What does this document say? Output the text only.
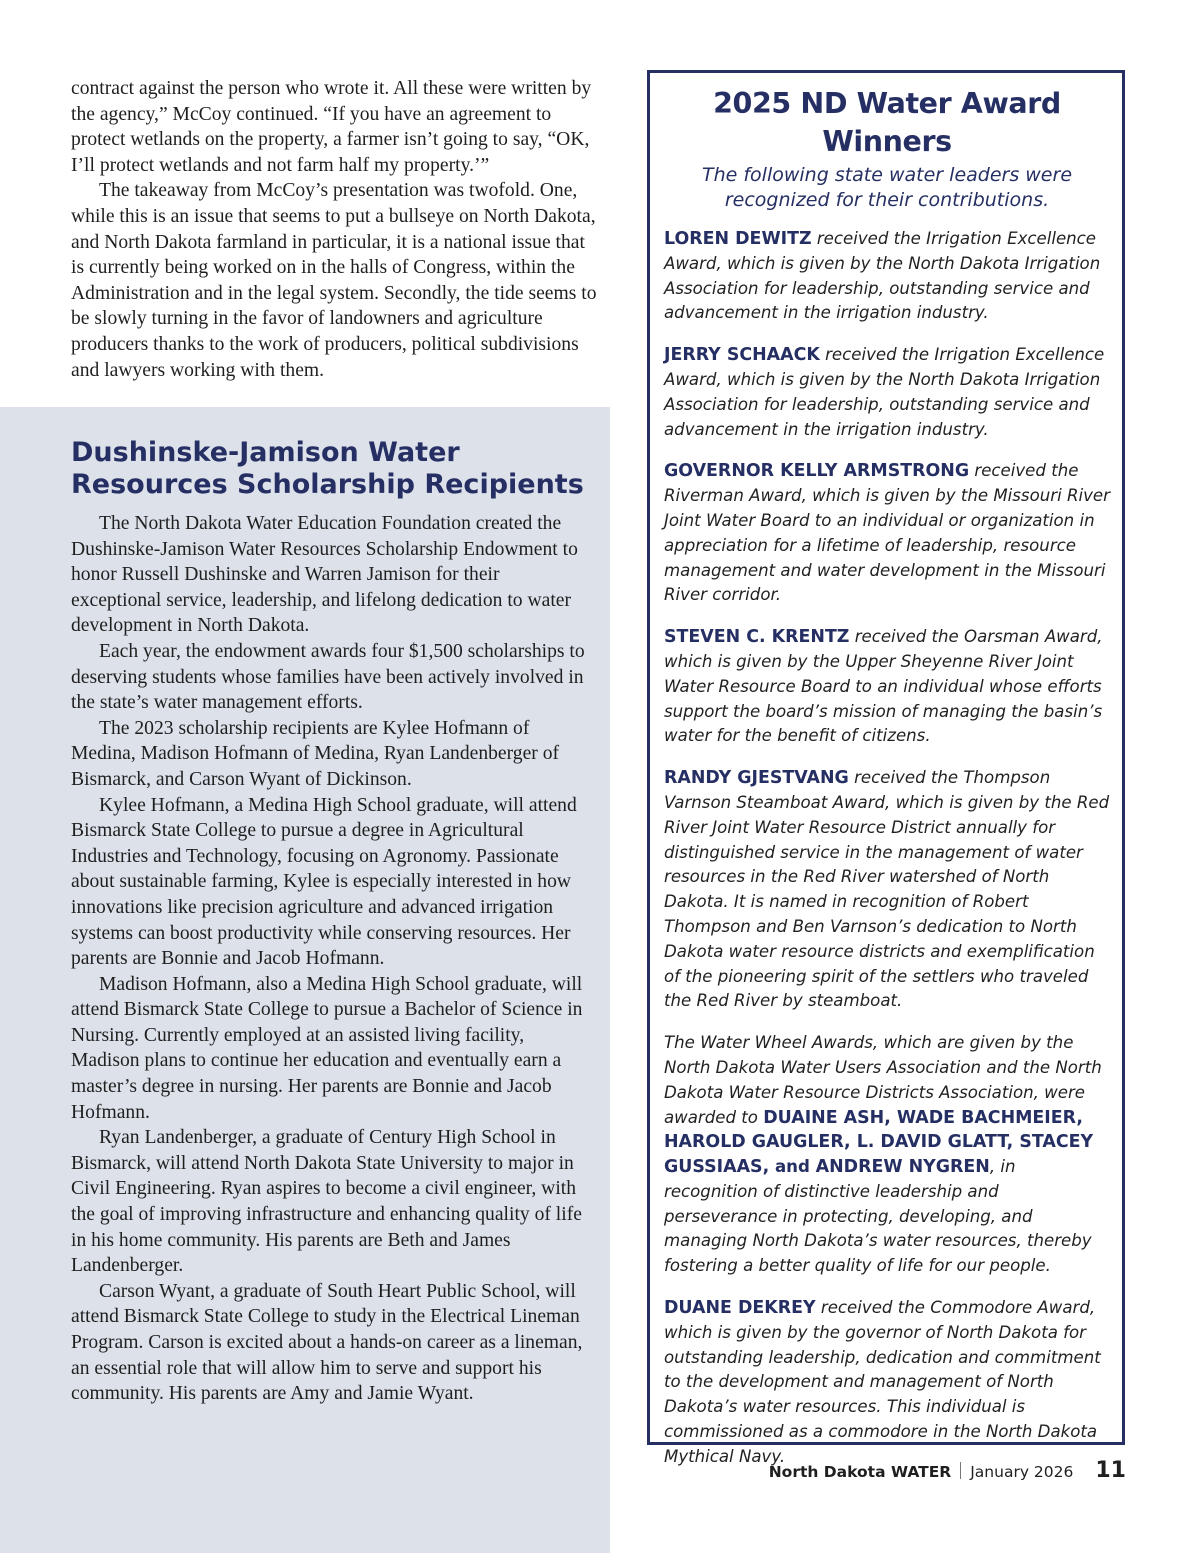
contract against the person who wrote it. All these were written by the agency,” McCoy continued. “If you have an agreement to protect wetlands on the property, a farmer isn’t going to say, “OK, I’ll protect wetlands and not farm half my property.’”

The takeaway from McCoy’s presentation was twofold. One, while this is an issue that seems to put a bullseye on North Dakota, and North Dakota farmland in particular, it is a national issue that is currently being worked on in the halls of Congress, within the Administration and in the legal system. Secondly, the tide seems to be slowly turning in the favor of landowners and agriculture producers thanks to the work of producers, political subdivisions and lawyers working with them.

Dushinske-Jamison Water Resources Scholarship Recipients

The North Dakota Water Education Foundation created the Dushinske-Jamison Water Resources Scholarship Endowment to honor Russell Dushinske and Warren Jamison for their exceptional service, leadership, and lifelong dedication to water development in North Dakota.

Each year, the endowment awards four $1,500 scholarships to deserving students whose families have been actively involved in the state’s water management efforts.

The 2023 scholarship recipients are Kylee Hofmann of Medina, Madison Hofmann of Medina, Ryan Landenberger of Bismarck, and Carson Wyant of Dickinson.

Kylee Hofmann, a Medina High School graduate, will attend Bismarck State College to pursue a degree in Agricultural Industries and Technology, focusing on Agronomy. Passionate about sustainable farming, Kylee is especially interested in how innovations like precision agriculture and advanced irrigation systems can boost productivity while conserving resources. Her parents are Bonnie and Jacob Hofmann.

Madison Hofmann, also a Medina High School graduate, will attend Bismarck State College to pursue a Bachelor of Science in Nursing. Currently employed at an assisted living facility, Madison plans to continue her education and eventually earn a master’s degree in nursing. Her parents are Bonnie and Jacob Hofmann.

Ryan Landenberger, a graduate of Century High School in Bismarck, will attend North Dakota State University to major in Civil Engineering. Ryan aspires to become a civil engineer, with the goal of improving infrastructure and enhancing quality of life in his home community. His parents are Beth and James Landenberger.

Carson Wyant, a graduate of South Heart Public School, will attend Bismarck State College to study in the Electrical Lineman Program. Carson is excited about a hands-on career as a lineman, an essential role that will allow him to serve and support his community. His parents are Amy and Jamie Wyant.

2025 ND Water Award Winners
The following state water leaders were recognized for their contributions.

LOREN DEWITZ received the Irrigation Excellence Award, which is given by the North Dakota Irrigation Association for leadership, outstanding service and advancement in the irrigation industry.

JERRY SCHAACK received the Irrigation Excellence Award, which is given by the North Dakota Irrigation Association for leadership, outstanding service and advancement in the irrigation industry.

GOVERNOR KELLY ARMSTRONG received the Riverman Award, which is given by the Missouri River Joint Water Board to an individual or organization in appreciation for a lifetime of leadership, resource management and water development in the Missouri River corridor.

STEVEN C. KRENTZ received the Oarsman Award, which is given by the Upper Sheyenne River Joint Water Resource Board to an individual whose efforts support the board’s mission of managing the basin’s water for the benefit of citizens.

RANDY GJESTVANG received the Thompson Varnson Steamboat Award, which is given by the Red River Joint Water Resource District annually for distinguished service in the management of water resources in the Red River watershed of North Dakota. It is named in recognition of Robert Thompson and Ben Varnson’s dedication to North Dakota water resource districts and exemplification of the pioneering spirit of the settlers who traveled the Red River by steamboat.

The Water Wheel Awards, which are given by the North Dakota Water Users Association and the North Dakota Water Resource Districts Association, were awarded to DUAINE ASH, WADE BACHMEIER, HAROLD GAUGLER, L. DAVID GLATT, STACEY GUSSIAAS, and ANDREW NYGREN, in recognition of distinctive leadership and perseverance in protecting, developing, and managing North Dakota’s water resources, thereby fostering a better quality of life for our people.

DUANE DEKREY received the Commodore Award, which is given by the governor of North Dakota for outstanding leadership, dedication and commitment to the development and management of North Dakota’s water resources. This individual is commissioned as a commodore in the North Dakota Mythical Navy.

North Dakota WATER January 2026 11
